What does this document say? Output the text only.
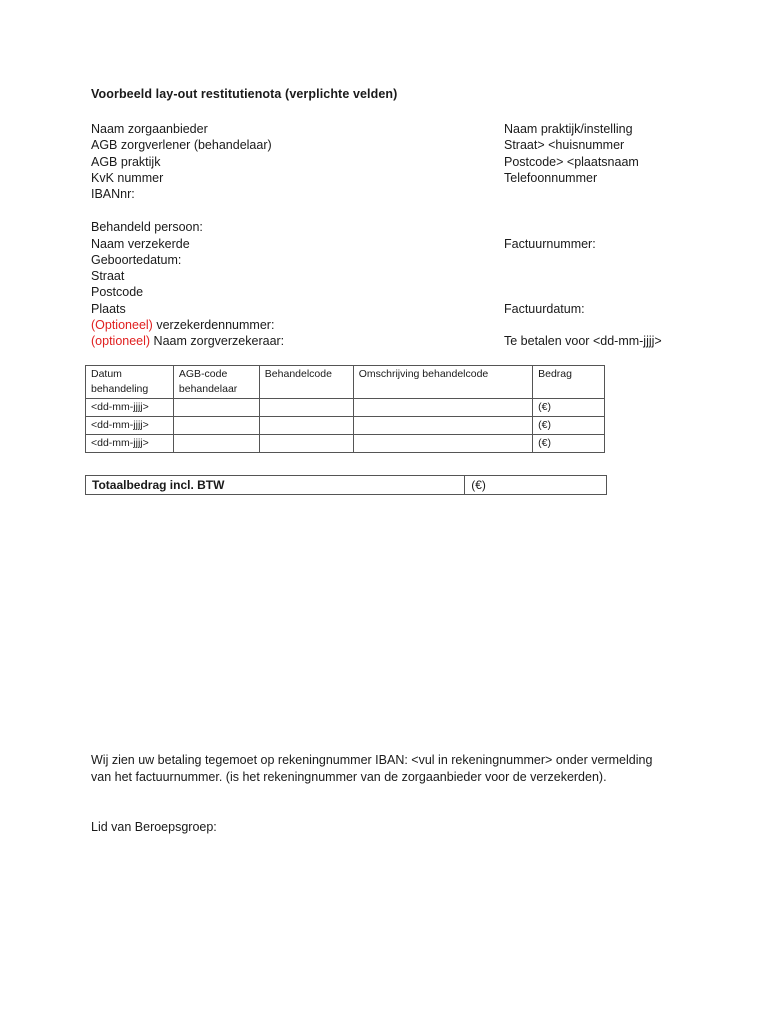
Voorbeeld lay-out restitutienota (verplichte velden)
Naam zorgaanbieder
AGB zorgverlener (behandelaar)
AGB praktijk
KvK nummer
IBANnr:
Naam praktijk/instelling
Straat> <huisnummer
Postcode> <plaatsnaam
Telefoonnummer
Behandeld persoon:
Naam verzekerde
Geboortedatum:
Straat
Postcode
Plaats
(Optioneel) verzekerdennummer:
(optioneel) Naam zorgverzekeraar:
Factuurnummer:
Factuurdatum:
Te betalen voor <dd-mm-jjjj>
Datum behandeling	AGB-code behandelaar	Behandelcode	Omschrijving behandelcode	Bedrag
<dd-mm-jjjj>				(€)
<dd-mm-jjjj>				(€)
<dd-mm-jjjj>				(€)
Totaalbedrag incl. BTW	(€)
Wij zien uw betaling tegemoet op rekeningnummer IBAN: <vul in rekeningnummer> onder vermelding van het factuurnummer. (is het rekeningnummer van de zorgaanbieder voor de verzekerden).
Lid van Beroepsgroep:
